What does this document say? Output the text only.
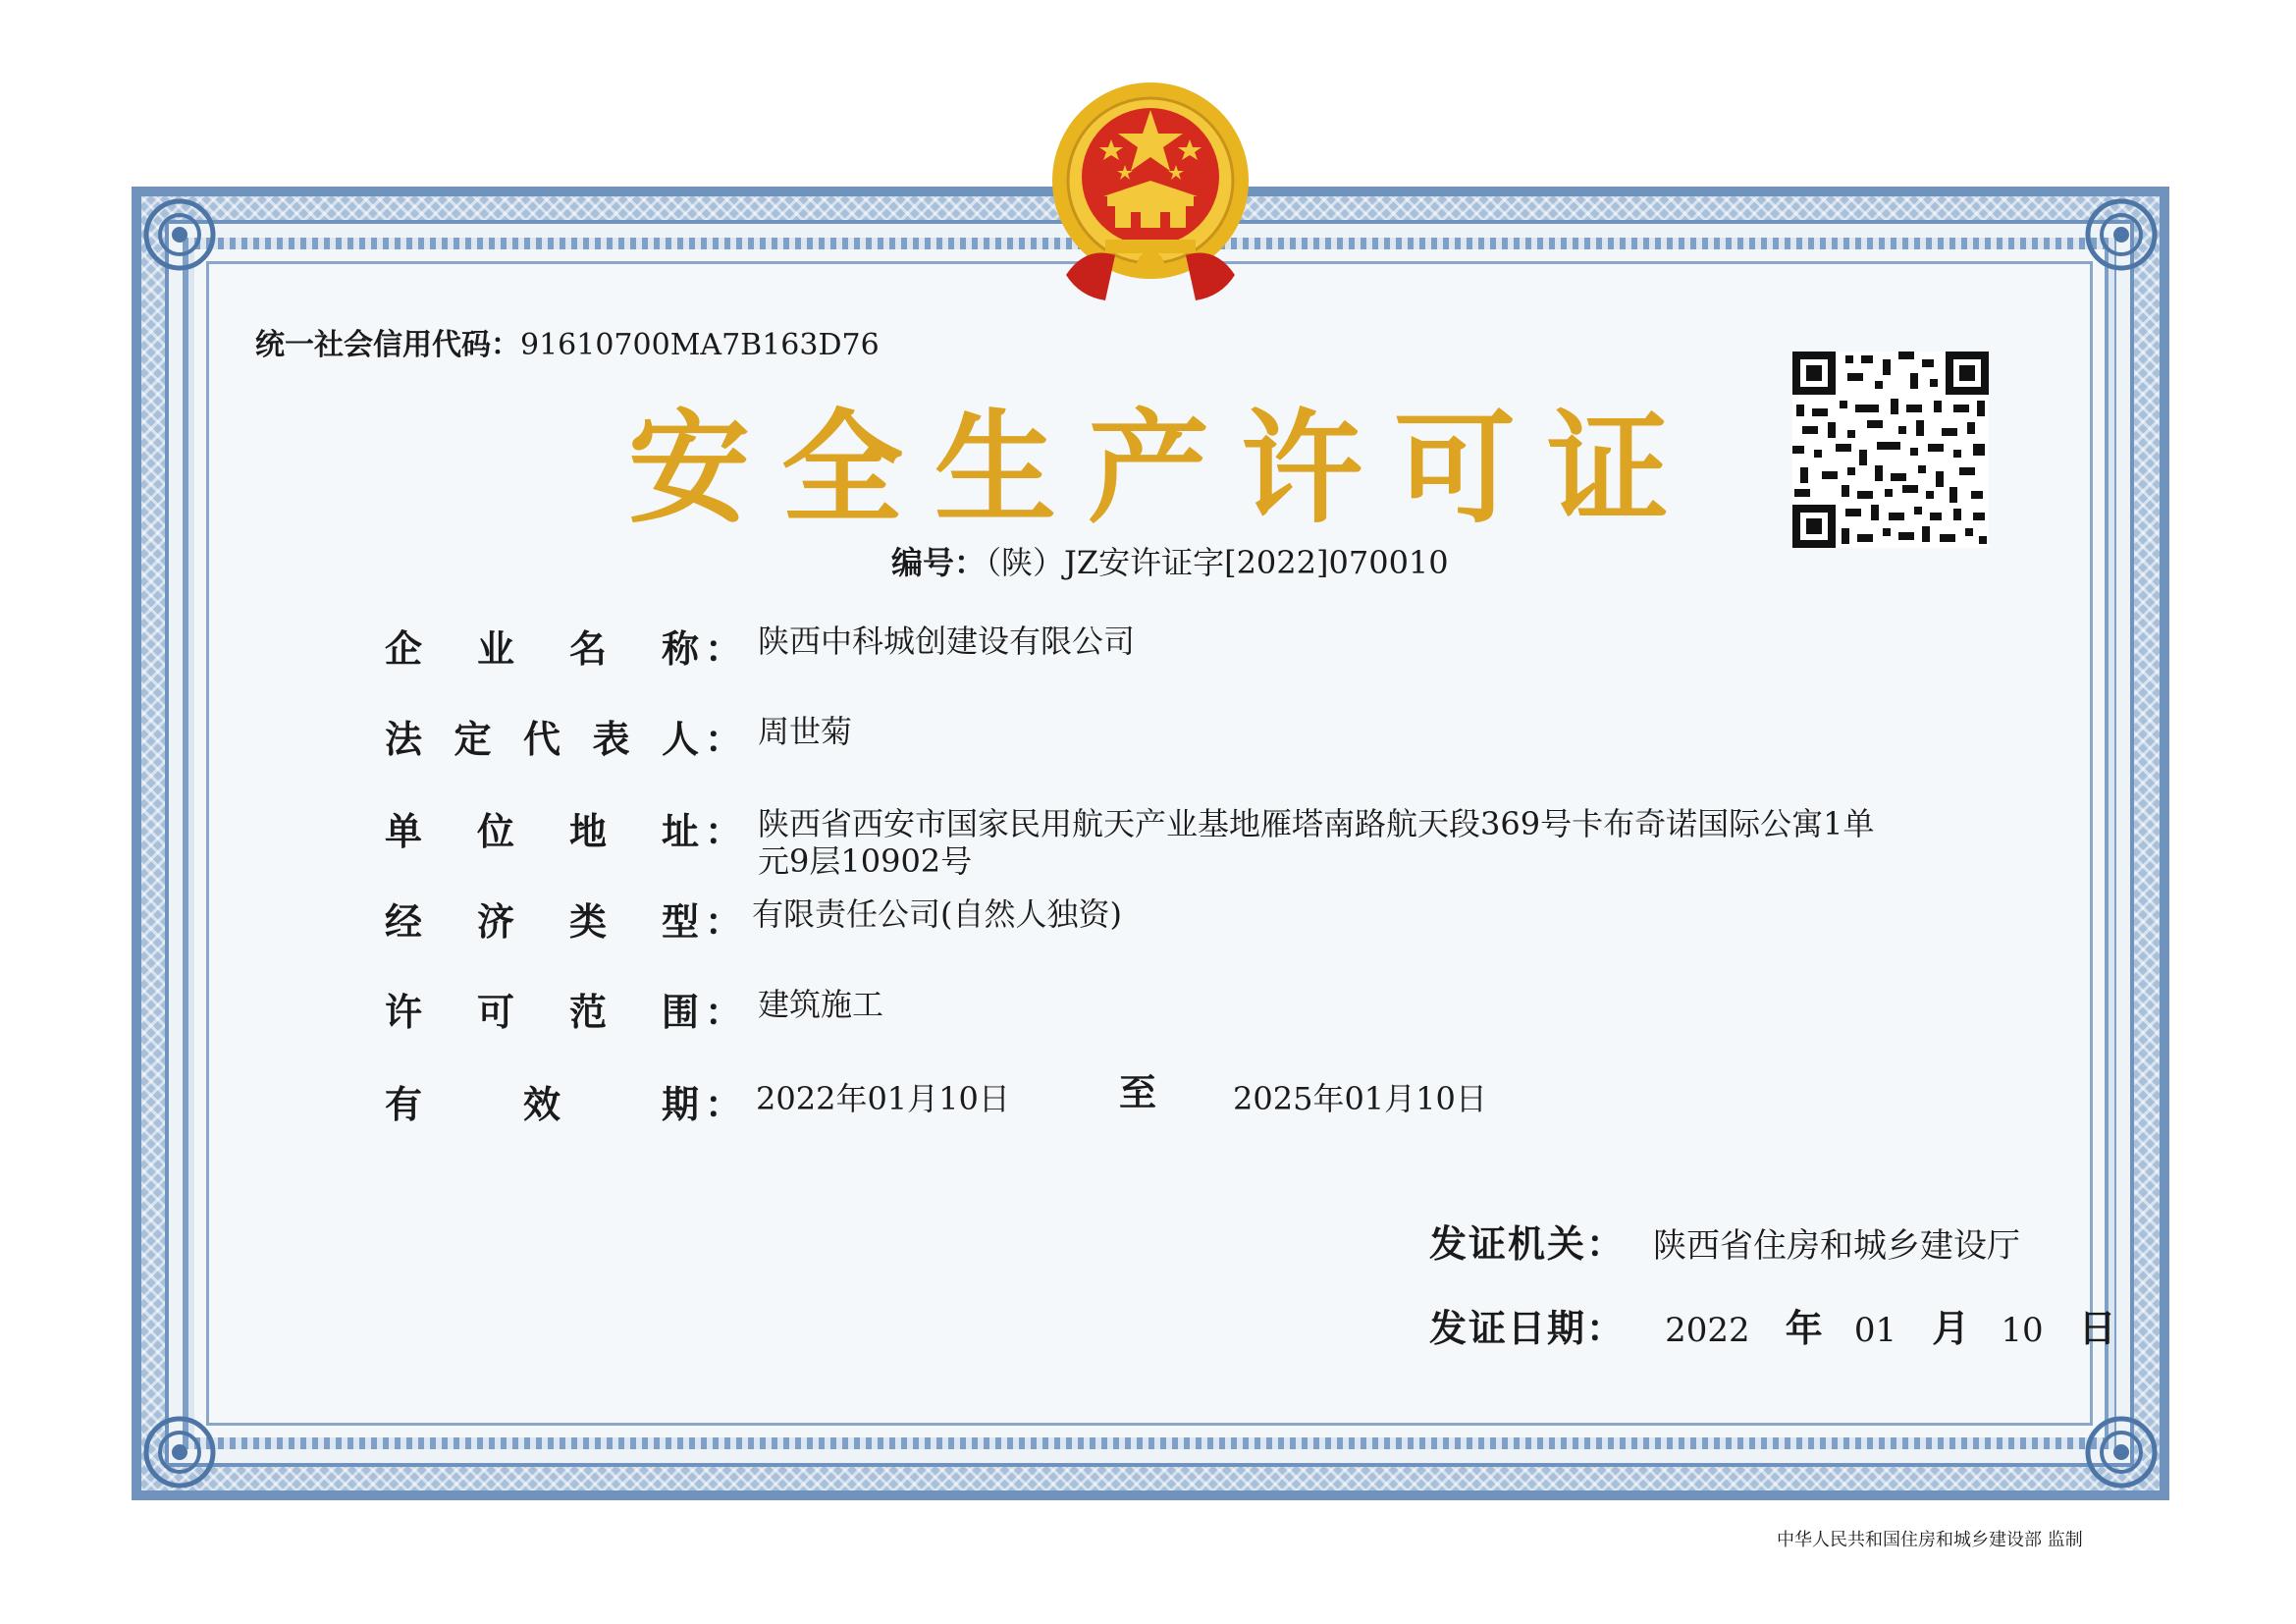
统一社会信用代码：91610700MA7B163D76
安全生产许可证
编号：（陕）JZ安许证字[2022]070010
企 业 名 称 ： 陕西中科城创建设有限公司
法 定 代 表 人 ： 周世菊
单 位 地 址 ： 陕西省西安市国家民用航天产业基地雁塔南路航天段369号卡布奇诺国际公寓1单
元9层10902号
经 济 类 型 ： 有限责任公司(自然人独资)
许 可 范 围 ： 建筑施工
有	效	期 ： 2022年01月10日	至	2025年01月10日
发证机关： 陕西省住房和城乡建设厅
发证日期： 2022 年 01 月 10 日
中华人民共和国住房和城乡建设部 监制
